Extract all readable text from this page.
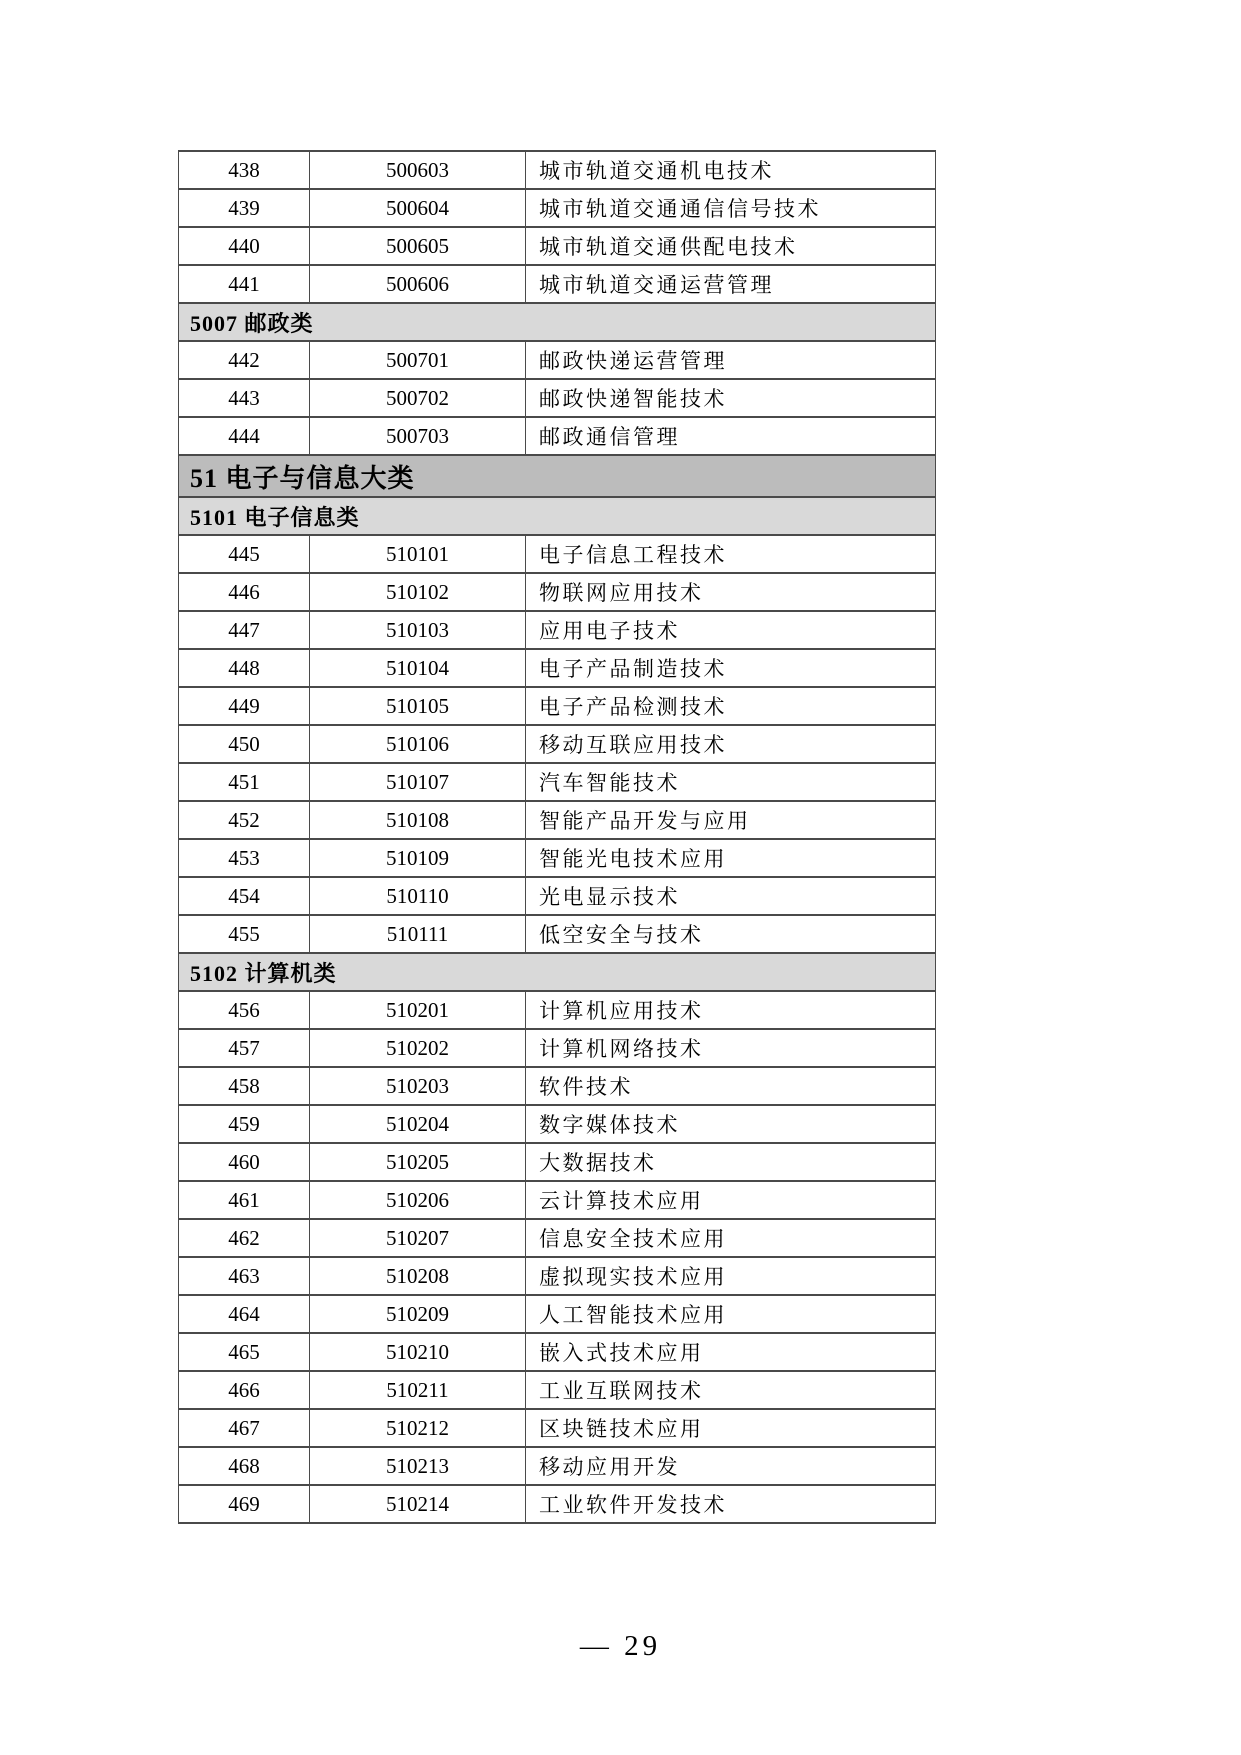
438	500603	城市轨道交通机电技术
439	500604	城市轨道交通通信信号技术
440	500605	城市轨道交通供配电技术
441	500606	城市轨道交通运营管理
5007 邮政类		
442	500701	邮政快递运营管理
443	500702	邮政快递智能技术
444	500703	邮政通信管理
51 电子与信息大类		
5101 电子信息类		
445	510101	电子信息工程技术
446	510102	物联网应用技术
447	510103	应用电子技术
448	510104	电子产品制造技术
449	510105	电子产品检测技术
450	510106	移动互联应用技术
451	510107	汽车智能技术
452	510108	智能产品开发与应用
453	510109	智能光电技术应用
454	510110	光电显示技术
455	510111	低空安全与技术
5102 计算机类		
456	510201	计算机应用技术
457	510202	计算机网络技术
458	510203	软件技术
459	510204	数字媒体技术
460	510205	大数据技术
461	510206	云计算技术应用
462	510207	信息安全技术应用
463	510208	虚拟现实技术应用
464	510209	人工智能技术应用
465	510210	嵌入式技术应用
466	510211	工业互联网技术
467	510212	区块链技术应用
468	510213	移动应用开发
469	510214	工业软件开发技术
— 29
